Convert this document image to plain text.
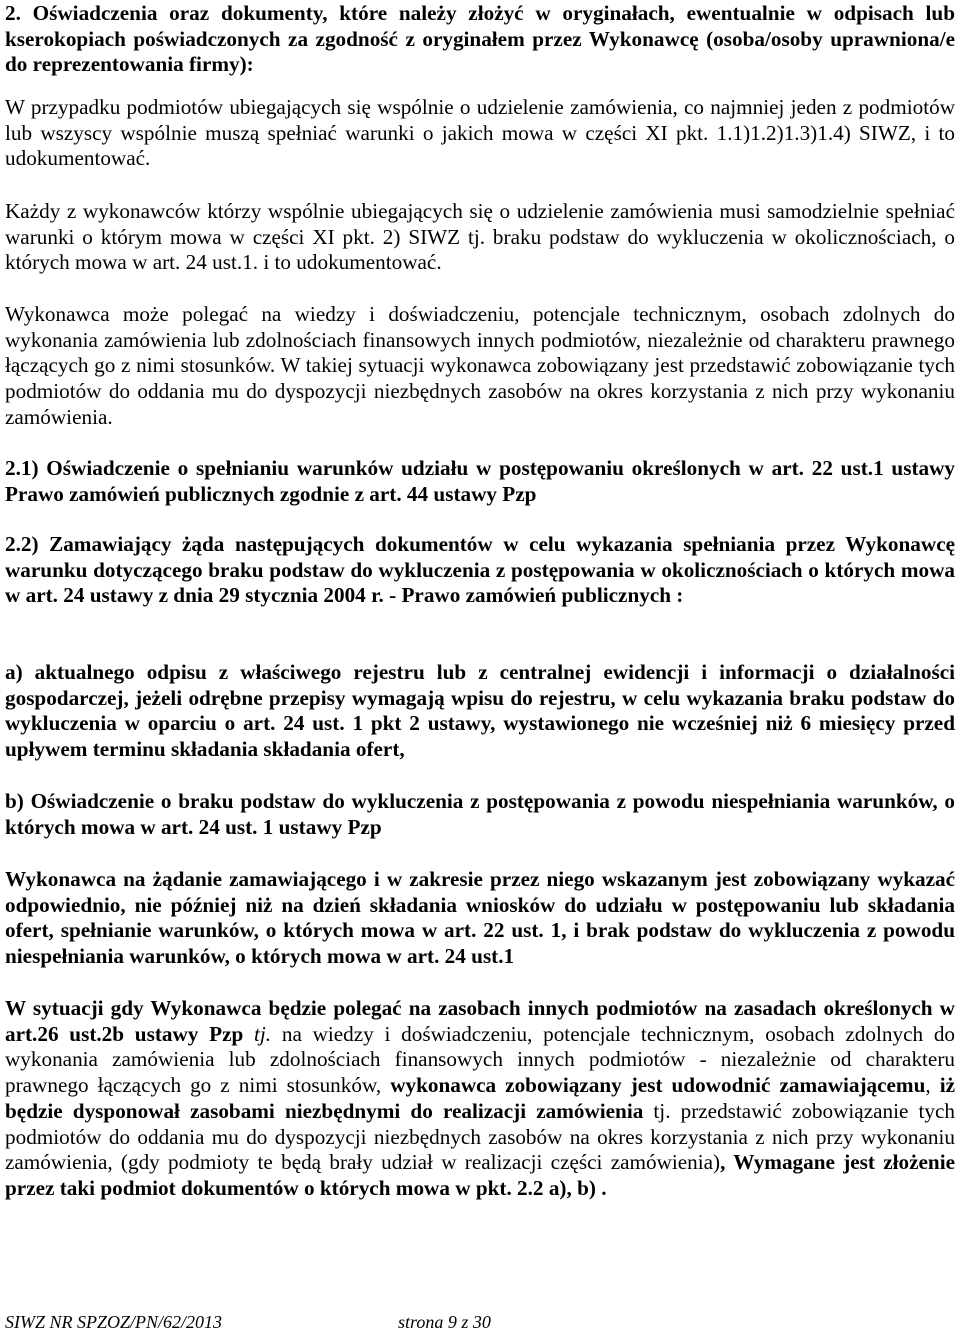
2. Oświadczenia oraz dokumenty, które należy złożyć w oryginałach, ewentualnie w odpisach lub kserokopiach poświadczonych za zgodność z oryginałem przez Wykonawcę (osoba/osoby uprawniona/e do reprezentowania firmy):

W przypadku podmiotów ubiegających się wspólnie o udzielenie zamówienia, co najmniej jeden z podmiotów lub wszyscy wspólnie muszą spełniać warunki o jakich mowa w części XI pkt. 1.1)1.2)1.3)1.4) SIWZ, i to udokumentować.

Każdy z wykonawców którzy wspólnie ubiegających się o udzielenie zamówienia musi samodzielnie spełniać warunki o którym mowa w części XI pkt. 2) SIWZ tj. braku podstaw do wykluczenia w okolicznościach, o których mowa w art. 24 ust.1. i to udokumentować.

Wykonawca może polegać na wiedzy i doświadczeniu, potencjale technicznym, osobach zdolnych do wykonania zamówienia lub zdolnościach finansowych innych podmiotów, niezależnie od charakteru prawnego łączących go z nimi stosunków. W takiej sytuacji wykonawca zobowiązany jest przedstawić zobowiązanie tych podmiotów do oddania mu do dyspozycji niezbędnych zasobów na okres korzystania z nich przy wykonaniu zamówienia.

2.1) Oświadczenie o spełnianiu warunków udziału w postępowaniu określonych w art. 22 ust.1 ustawy Prawo zamówień publicznych zgodnie z art. 44 ustawy Pzp

2.2) Zamawiający żąda następujących dokumentów w celu wykazania spełniania przez Wykonawcę warunku dotyczącego braku podstaw do wykluczenia z postępowania w okolicznościach o których mowa w art. 24 ustawy z dnia 29 stycznia 2004 r. - Prawo zamówień publicznych :

a) aktualnego odpisu z właściwego rejestru lub z centralnej ewidencji i informacji o działalności gospodarczej, jeżeli odrębne przepisy wymagają wpisu do rejestru, w celu wykazania braku podstaw do wykluczenia w oparciu o art. 24 ust. 1 pkt 2 ustawy, wystawionego nie wcześniej niż 6 miesięcy przed upływem terminu składania składania ofert,

b) Oświadczenie o braku podstaw do wykluczenia z postępowania z powodu niespełniania warunków, o których mowa w art. 24 ust. 1 ustawy Pzp

Wykonawca na żądanie zamawiającego i w zakresie przez niego wskazanym jest zobowiązany wykazać odpowiednio, nie później niż na dzień składania wniosków do udziału w postępowaniu lub składania ofert, spełnianie warunków, o których mowa w art. 22 ust. 1, i brak podstaw do wykluczenia z powodu niespełniania warunków, o których mowa w art. 24 ust.1

W sytuacji gdy Wykonawca będzie polegać na zasobach innych podmiotów na zasadach określonych w art.26 ust.2b ustawy Pzp tj. na wiedzy i doświadczeniu, potencjale technicznym, osobach zdolnych do wykonania zamówienia lub zdolnościach finansowych innych podmiotów - niezależnie od charakteru prawnego łączących go z nimi stosunków, wykonawca zobowiązany jest udowodnić zamawiającemu, iż będzie dysponował zasobami niezbędnymi do realizacji zamówienia tj. przedstawić zobowiązanie tych podmiotów do oddania mu do dyspozycji niezbędnych zasobów na okres korzystania z nich przy wykonaniu zamówienia, (gdy podmioty te będą brały udział w realizacji części zamówienia), Wymagane jest złożenie przez taki podmiot dokumentów o których mowa w pkt. 2.2 a), b) .

SIWZ NR SPZOZ/PN/62/2013	strona 9 z 30
